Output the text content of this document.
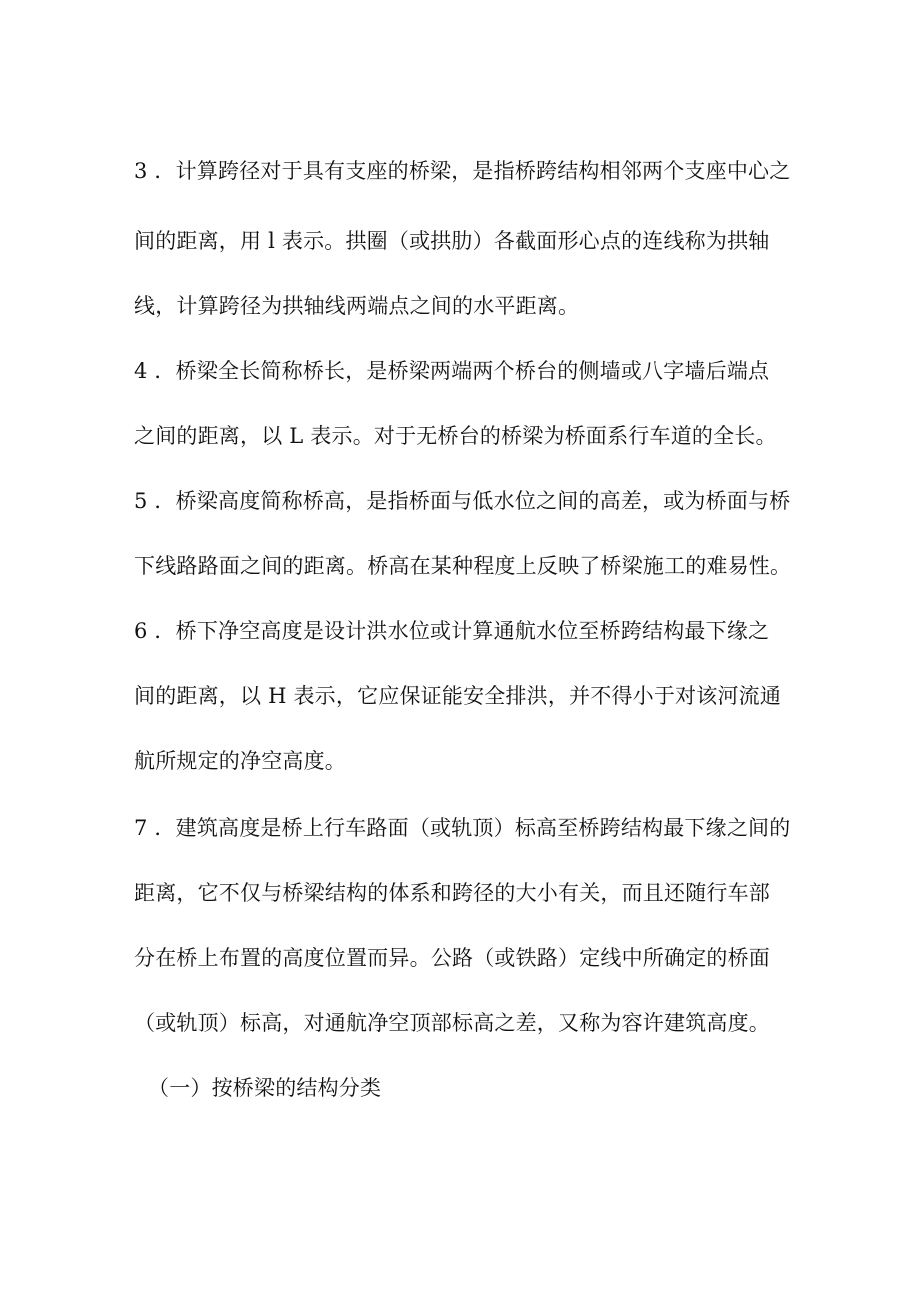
3 ．计算跨径对于具有支座的桥梁，是指桥跨结构相邻两个支座中心之
间的距离，用 l 表示。拱圈（或拱肋）各截面形心点的连线称为拱轴
线，计算跨径为拱轴线两端点之间的水平距离。
4 ．桥梁全长简称桥长，是桥梁两端两个桥台的侧墙或八字墙后端点
之间的距离，以 L 表示。对于无桥台的桥梁为桥面系行车道的全长。
5 ．桥梁高度简称桥高，是指桥面与低水位之间的高差，或为桥面与桥
下线路路面之间的距离。桥高在某种程度上反映了桥梁施工的难易性。
6 ．桥下净空高度是设计洪水位或计算通航水位至桥跨结构最下缘之
间的距离，以 H 表示，它应保证能安全排洪，并不得小于对该河流通
航所规定的净空高度。
7 ．建筑高度是桥上行车路面（或轨顶）标高至桥跨结构最下缘之间的
距离，它不仅与桥梁结构的体系和跨径的大小有关，而且还随行车部
分在桥上布置的高度位置而异。公路（或铁路）定线中所确定的桥面
（或轨顶）标高，对通航净空顶部标高之差，又称为容许建筑高度。
（一）按桥梁的结构分类
